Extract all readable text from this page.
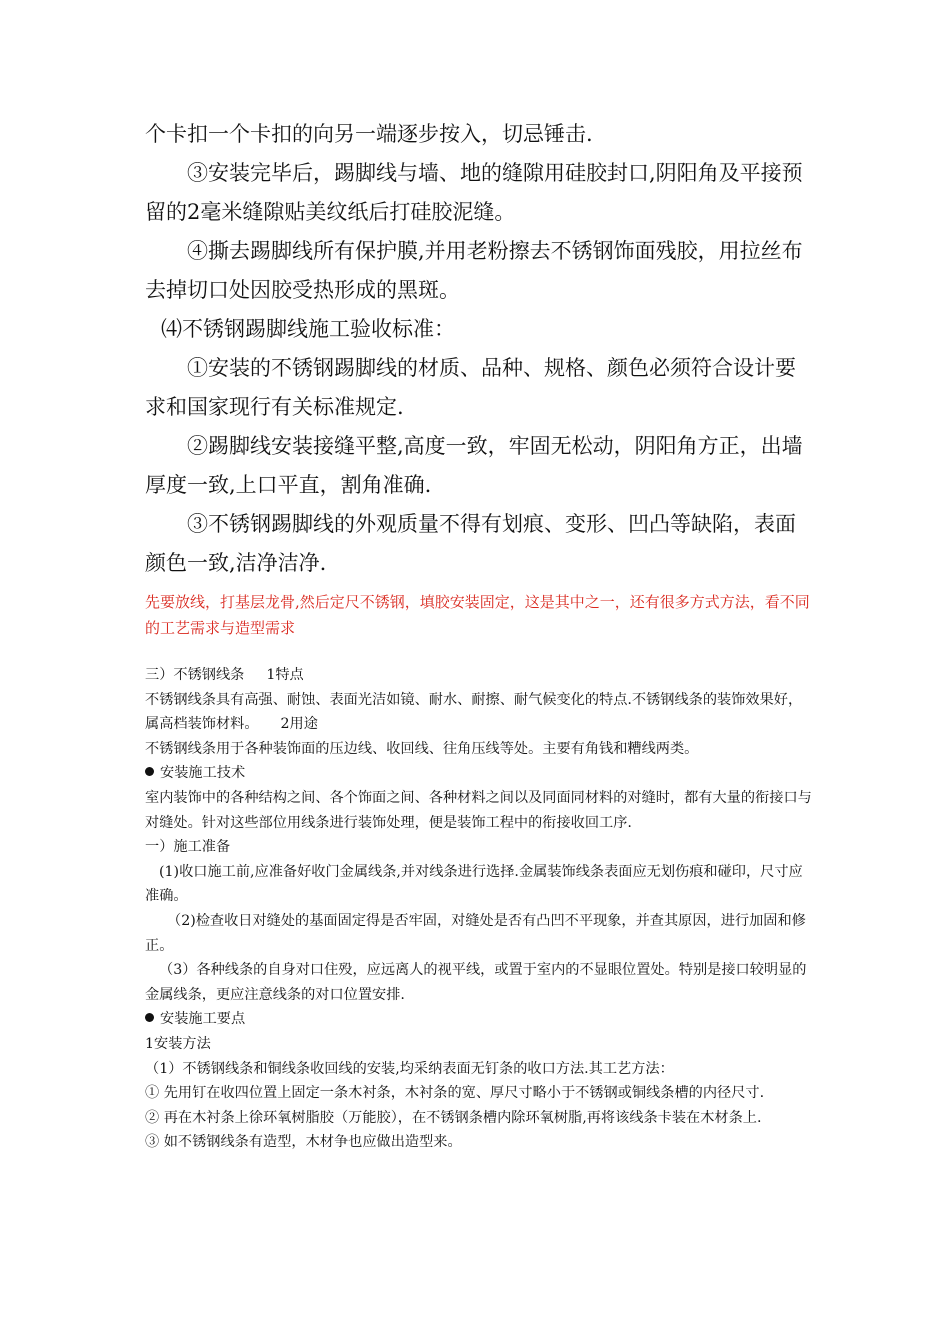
个卡扣一个卡扣的向另一端逐步按入，切忌锤击.

③安装完毕后，踢脚线与墙、地的缝隙用硅胶封口,阴阳角及平接预留的2毫米缝隙贴美纹纸后打硅胶泥缝。

④撕去踢脚线所有保护膜,并用老粉擦去不锈钢饰面残胶，用拉丝布去掉切口处因胶受热形成的黑斑。

⑷不锈钢踢脚线施工验收标准：

①安装的不锈钢踢脚线的材质、品种、规格、颜色必须符合设计要求和国家现行有关标准规定.

②踢脚线安装接缝平整,高度一致，牢固无松动，阴阳角方正，出墙厚度一致,上口平直，割角准确.

③不锈钢踢脚线的外观质量不得有划痕、变形、凹凸等缺陷，表面颜色一致,洁净洁净.

先要放线，打基层龙骨,然后定尺不锈钢，填胶安装固定，这是其中之一，还有很多方式方法，看不同的工艺需求与造型需求

三）不锈钢线条 1特点

不锈钢线条具有高强、耐蚀、表面光洁如镜、耐水、耐擦、耐气候变化的特点.不锈钢线条的装饰效果好，属高档装饰材料。 2用途

不锈钢线条用于各种装饰面的压边线、收回线、往角压线等处。主要有角钱和糟线两类。

安装施工技术

室内装饰中的各种结构之间、各个饰面之间、各种材料之间以及同面同材料的对缝时，都有大量的衔接口与对缝处。针对这些部位用线条进行装饰处理，便是装饰工程中的衔接收回工序.

一）施工准备

(1)收口施工前,应准备好收门金属线条,并对线条进行选择.金属装饰线条表面应无划伤痕和碰印，尺寸应准确。

（2)检查收日对缝处的基面固定得是否牢固，对缝处是否有凸凹不平现象，并查其原因，进行加固和修正。

（3）各种线条的自身对口住殁，应远离人的视平线，或置于室内的不显眼位置处。特别是接口较明显的金属线条，更应注意线条的对口位置安排.

安装施工要点

1安装方法

（1）不锈钢线条和铜线条收回线的安装,均采纳表面无钉条的收口方法.其工艺方法：

① 先用钉在收四位置上固定一条木衬条，木衬条的宽、厚尺寸略小于不锈钢或铜线条槽的内径尺寸.

② 再在木衬条上徐环氧树脂胶（万能胶），在不锈钢条槽内除环氧树脂,再将该线条卡装在木材条上.

③ 如不锈钢线条有造型，木材争也应做出造型来。
